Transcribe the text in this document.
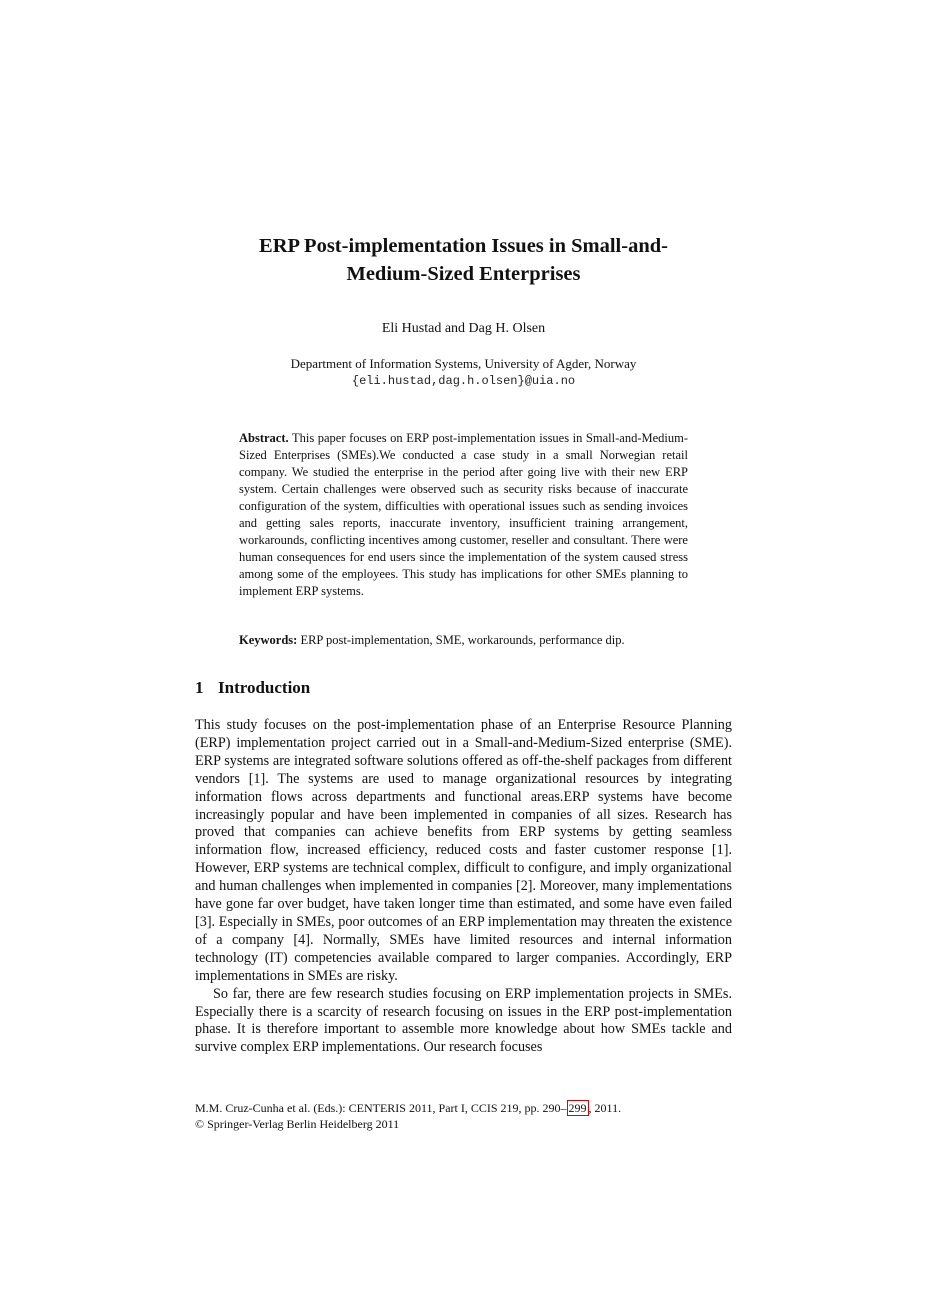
ERP Post-implementation Issues in Small-and-
Medium-Sized Enterprises
Eli Hustad and Dag H. Olsen
Department of Information Systems, University of Agder, Norway
{eli.hustad,dag.h.olsen}@uia.no

Abstract. This paper focuses on ERP post-implementation issues in Small-and-Medium-Sized Enterprises (SMEs).We conducted a case study in a small Norwegian retail company. We studied the enterprise in the period after going live with their new ERP system. Certain challenges were observed such as security risks because of inaccurate configuration of the system, difficulties with operational issues such as sending invoices and getting sales reports, inaccurate inventory, insufficient training arrangement, workarounds, conflicting incentives among customer, reseller and consultant. There were human consequences for end users since the implementation of the system caused stress among some of the employees. This study has implications for other SMEs planning to implement ERP systems.

Keywords: ERP post-implementation, SME, workarounds, performance dip.

1 Introduction

This study focuses on the post-implementation phase of an Enterprise Resource Planning (ERP) implementation project carried out in a Small-and-Medium-Sized enterprise (SME). ERP systems are integrated software solutions offered as off-the-shelf packages from different vendors [1]. The systems are used to manage organizational resources by integrating information flows across departments and functional areas.ERP systems have become increasingly popular and have been implemented in companies of all sizes. Research has proved that companies can achieve benefits from ERP systems by getting seamless information flow, increased efficiency, reduced costs and faster customer response [1]. However, ERP systems are technical complex, difficult to configure, and imply organizational and human challenges when implemented in companies [2]. Moreover, many implementations have gone far over budget, have taken longer time than estimated, and some have even failed [3]. Especially in SMEs, poor outcomes of an ERP implementation may threaten the existence of a company [4]. Normally, SMEs have limited resources and internal information technology (IT) competencies available compared to larger companies. Accordingly, ERP implementations in SMEs are risky.

So far, there are few research studies focusing on ERP implementation projects in SMEs. Especially there is a scarcity of research focusing on issues in the ERP post-implementation phase. It is therefore important to assemble more knowledge about how SMEs tackle and survive complex ERP implementations. Our research focuses

M.M. Cruz-Cunha et al. (Eds.): CENTERIS 2011, Part I, CCIS 219, pp. 290– 299 , 2011.
© Springer-Verlag Berlin Heidelberg 2011
